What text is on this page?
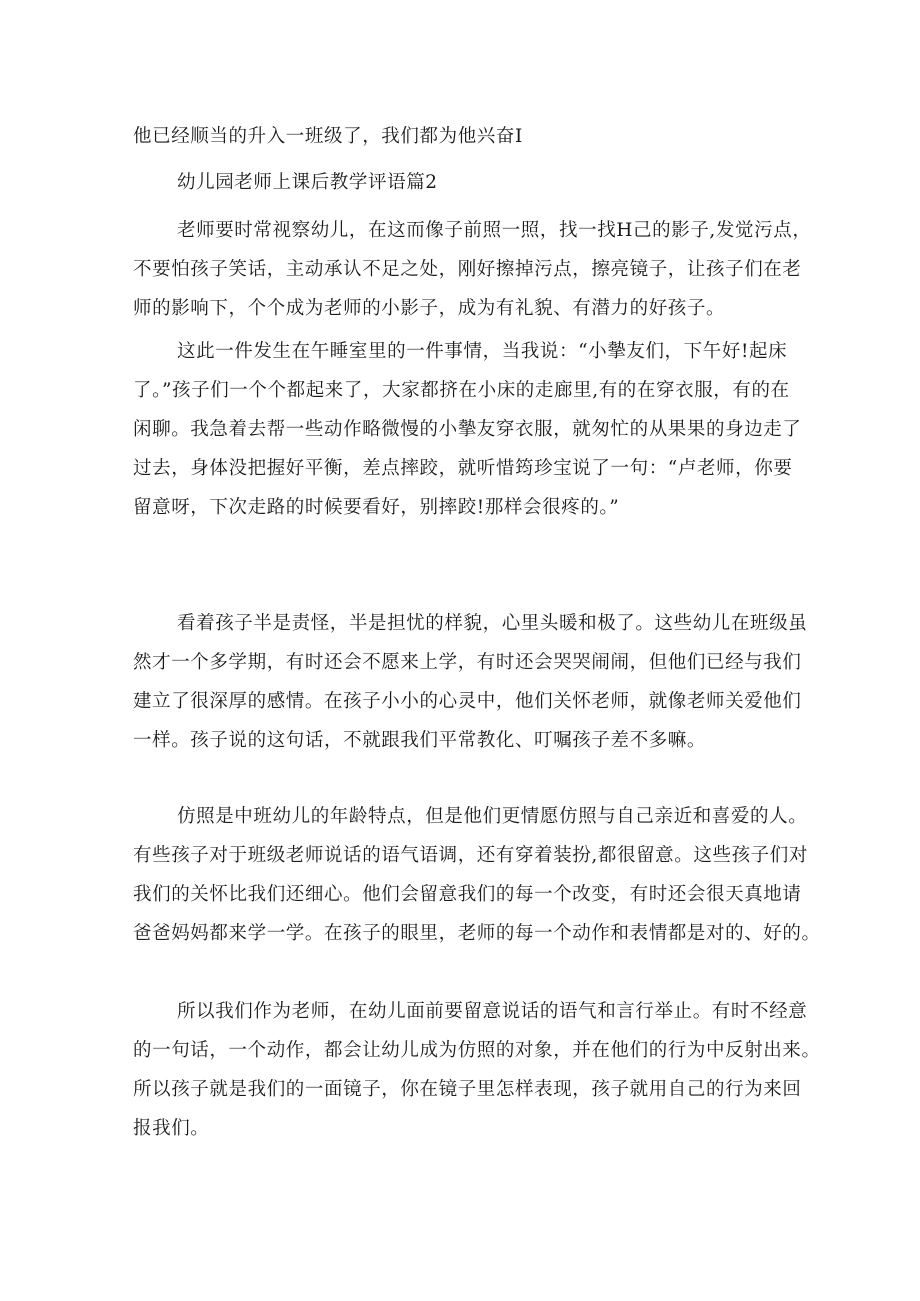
他已经顺当的升入一班级了，我们都为他兴奋I
幼儿园老师上课后教学评语篇2
老师要时常视察幼儿，在这而像子前照一照，找一找H己的影子,发觉污点，
不要怕孩子笑话，主动承认不足之处，刚好擦掉污点，擦亮镜子，让孩子们在老
师的影响下，个个成为老师的小影子，成为有礼貌、有潜力的好孩子。
这此一件发生在午睡室里的一件事情，当我说：“小摰友们，下午好!起床
了。”孩子们一个个都起来了，大家都挤在小床的走廊里,有的在穿衣服，有的在
闲聊。我急着去帮一些动作略微慢的小摰友穿衣服，就匆忙的从果果的身边走了
过去，身体没把握好平衡，差点摔跤，就听惜筠珍宝说了一句：“卢老师，你要
留意呀，下次走路的时候要看好，别摔跤!那样会很疼的。”
看着孩子半是责怪，半是担忧的样貌，心里头暖和极了。这些幼儿在班级虽
然才一个多学期，有时还会不愿来上学，有时还会哭哭闹闹，但他们已经与我们
建立了很深厚的感情。在孩子小小的心灵中，他们关怀老师，就像老师关爱他们
一样。孩子说的这句话，不就跟我们平常教化、叮嘱孩子差不多嘛。
仿照是中班幼儿的年龄特点，但是他们更情愿仿照与自己亲近和喜爱的人。
有些孩子对于班级老师说话的语气语调，还有穿着装扮,都很留意。这些孩子们对
我们的关怀比我们还细心。他们会留意我们的每一个改变，有时还会很天真地请
爸爸妈妈都来学一学。在孩子的眼里，老师的每一个动作和表情都是对的、好的。
所以我们作为老师，在幼儿面前要留意说话的语气和言行举止。有时不经意
的一句话，一个动作，都会让幼儿成为仿照的对象，并在他们的行为中反射出来。
所以孩子就是我们的一面镜子，你在镜子里怎样表现，孩子就用自己的行为来回
报我们。
